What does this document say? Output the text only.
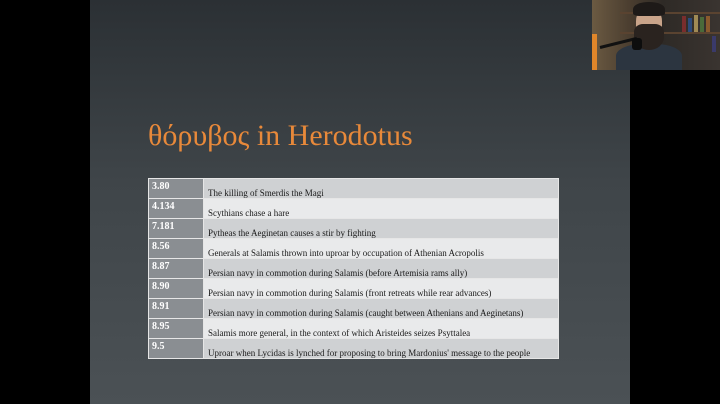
θόρυβος in Herodotus
3.80	The killing of Smerdis the Magi
4.134	Scythians chase a hare
7.181	Pytheas the Aeginetan causes a stir by fighting
8.56	Generals at Salamis thrown into uproar by occupation of Athenian Acropolis
8.87	Persian navy in commotion during Salamis (before Artemisia rams ally)
8.90	Persian navy in commotion during Salamis (front retreats while rear advances)
8.91	Persian navy in commotion during Salamis (caught between Athenians and Aeginetans)
8.95	Salamis more general, in the context of which Aristeides seizes Psyttalea
9.5	Uproar when Lycidas is lynched for proposing to bring Mardonius' message to the people
